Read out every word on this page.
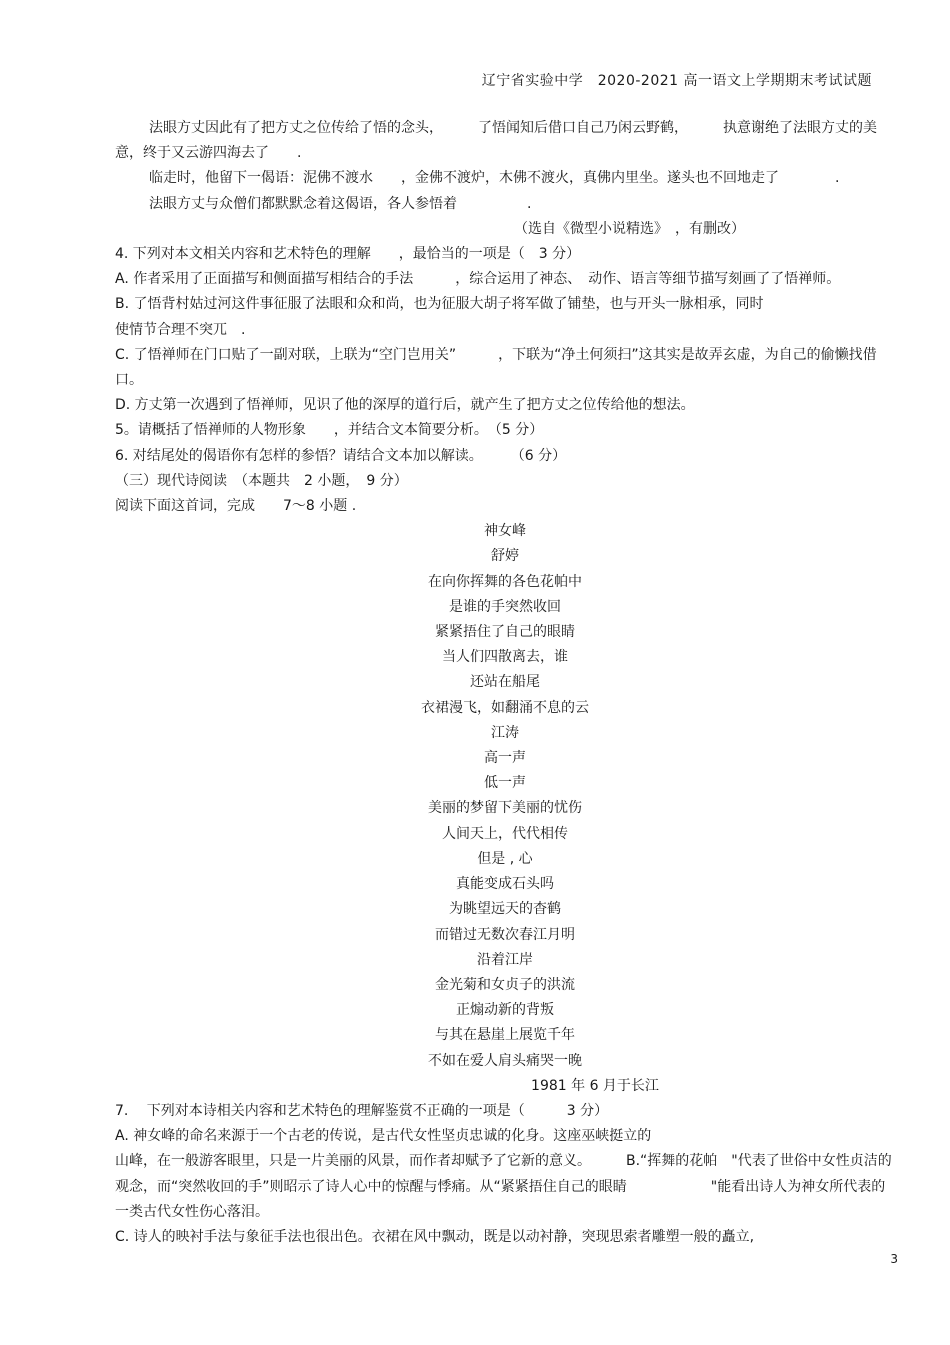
辽宁省实验中学　2020-2021 高一语文上学期期末考试试题

法眼方丈因此有了把方丈之位传给了悟的念头，　　　了悟闻知后借口自己乃闲云野鹤，　　　执意谢绝了法眼方丈的美意，终于又云游四海去了　　.

临走时，他留下一偈语：泥佛不渡水　　，金佛不渡炉，木佛不渡火，真佛内里坐。遂头也不回地走了　　　　.

法眼方丈与众僧们都默默念着这偈语，各人参悟着　　　　　.

（选自《微型小说精选》　，有删改）

4. 下列对本文相关内容和艺术特色的理解　　，最恰当的一项是（　3 分）

A. 作者采用了正面描写和侧面描写相结合的手法　　　，综合运用了神态、　动作、语言等细节描写刻画了了悟禅师。

B. 了悟背村姑过河这件事征服了法眼和众和尚，也为征服大胡子将军做了铺垫，也与开头一脉相承，同时

使情节合理不突兀　.

C. 了悟禅师在门口贴了一副对联，上联为“空门岂用关”　　　，下联为“净土何须扫”这其实是故弄玄虚，为自己的偷懒找借口。

D. 方丈第一次遇到了悟禅师，见识了他的深厚的道行后，就产生了把方丈之位传给他的想法。

5。请概括了悟禅师的人物形象　　，并结合文本简要分析。　（5 分）

6. 对结尾处的偈语你有怎样的参悟？请结合文本加以解读。　　　（6 分）

（三）现代诗阅读　（本题共　2 小题，　9 分）

阅读下面这首词，完成　　7～8 小题 .

神女峰

舒婷

在向你挥舞的各色花帕中

是谁的手突然收回

紧紧捂住了自己的眼睛

当人们四散离去，谁

还站在船尾

衣裙漫飞，如翻涌不息的云

江涛

高一声

低一声

美丽的梦留下美丽的忧伤

人间天上，代代相传

但是 , 心

真能变成石头吗

为眺望远天的杳鹤

而错过无数次春江月明

沿着江岸

金光菊和女贞子的洪流

正煽动新的背叛

与其在悬崖上展览千年

不如在爱人肩头痛哭一晚

1981 年 6 月于长江

7.　 下列对本诗相关内容和艺术特色的理解鉴赏不正确的一项是（　　　3 分）

A. 神女峰的命名来源于一个古老的传说，是古代女性坚贞忠诚的化身。这座巫峡挺立的

山峰，在一般游客眼里，只是一片美丽的风景，而作者却赋予了它新的意义。　　　B.“挥舞的花帕　"代表了世俗中女性贞洁的观念，而“突然收回的手”则昭示了诗人心中的惊醒与悸痛。从“紧紧捂住自己的眼睛　　　　　　"能看出诗人为神女所代表的一类古代女性伤心落泪。

C. 诗人的映衬手法与象征手法也很出色。衣裙在风中飘动，既是以动衬静，突现思索者雕塑一般的矗立,

3
